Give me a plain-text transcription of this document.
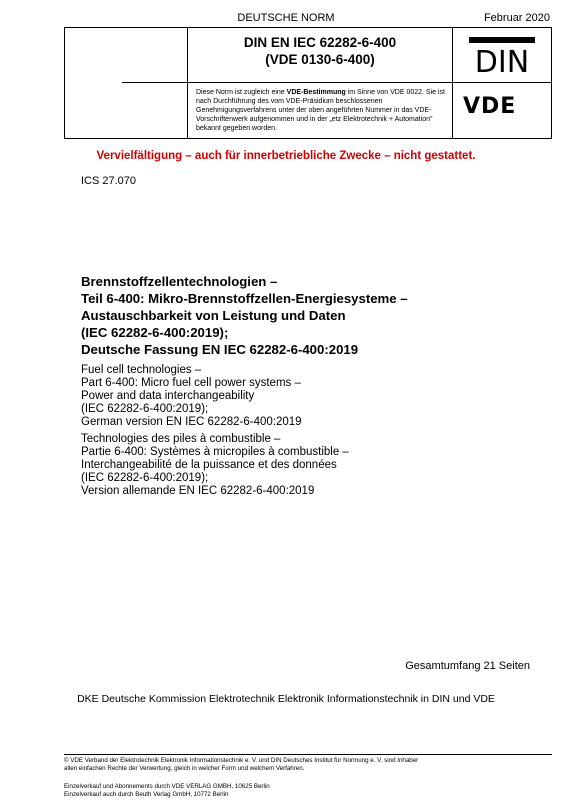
DEUTSCHE NORM	Februar 2020
DIN EN IEC 62282-6-400
(VDE 0130-6-400)
Diese Norm ist zugleich eine VDE-Bestimmung im Sinne von VDE 0022. Sie ist nach Durchführung des vom VDE-Präsidium beschlossenen Genehmigungsverfahrens unter der oben angeführten Nummer in das VDE-Vorschriftenwerk aufgenommen und in der „etz Elektrotechnik + Automation" bekannt gegeben worden.
DIN
VDE
Vervielfältigung – auch für innerbetriebliche Zwecke – nicht gestattet.
ICS 27.070
Brennstoffzellentechnologien –
Teil 6-400: Mikro-Brennstoffzellen-Energiesysteme –
Austauschbarkeit von Leistung und Daten
(IEC 62282-6-400:2019);
Deutsche Fassung EN IEC 62282-6-400:2019
Fuel cell technologies –
Part 6-400: Micro fuel cell power systems –
Power and data interchangeability
(IEC 62282-6-400:2019);
German version EN IEC 62282-6-400:2019
Technologies des piles à combustible –
Partie 6-400: Systèmes à micropiles à combustible –
Interchangeabilité de la puissance et des données
(IEC 62282-6-400:2019);
Version allemande EN IEC 62282-6-400:2019
Gesamtumfang 21 Seiten
DKE Deutsche Kommission Elektrotechnik Elektronik Informationstechnik in DIN und VDE
© VDE Verband der Elektrotechnik Elektronik Informationstechnik e. V. und DIN Deutsches Institut für Normung e. V. sind Inhaber
allen einfachen Rechte der Verwertung, gleich in welcher Form und welchem Verfahren.
Einzelverkauf und Abonnements durch VDE VERLAG GMBH, 10625 Berlin
Einzelverkauf auch durch Beuth Verlag GmbH, 10772 Berlin
